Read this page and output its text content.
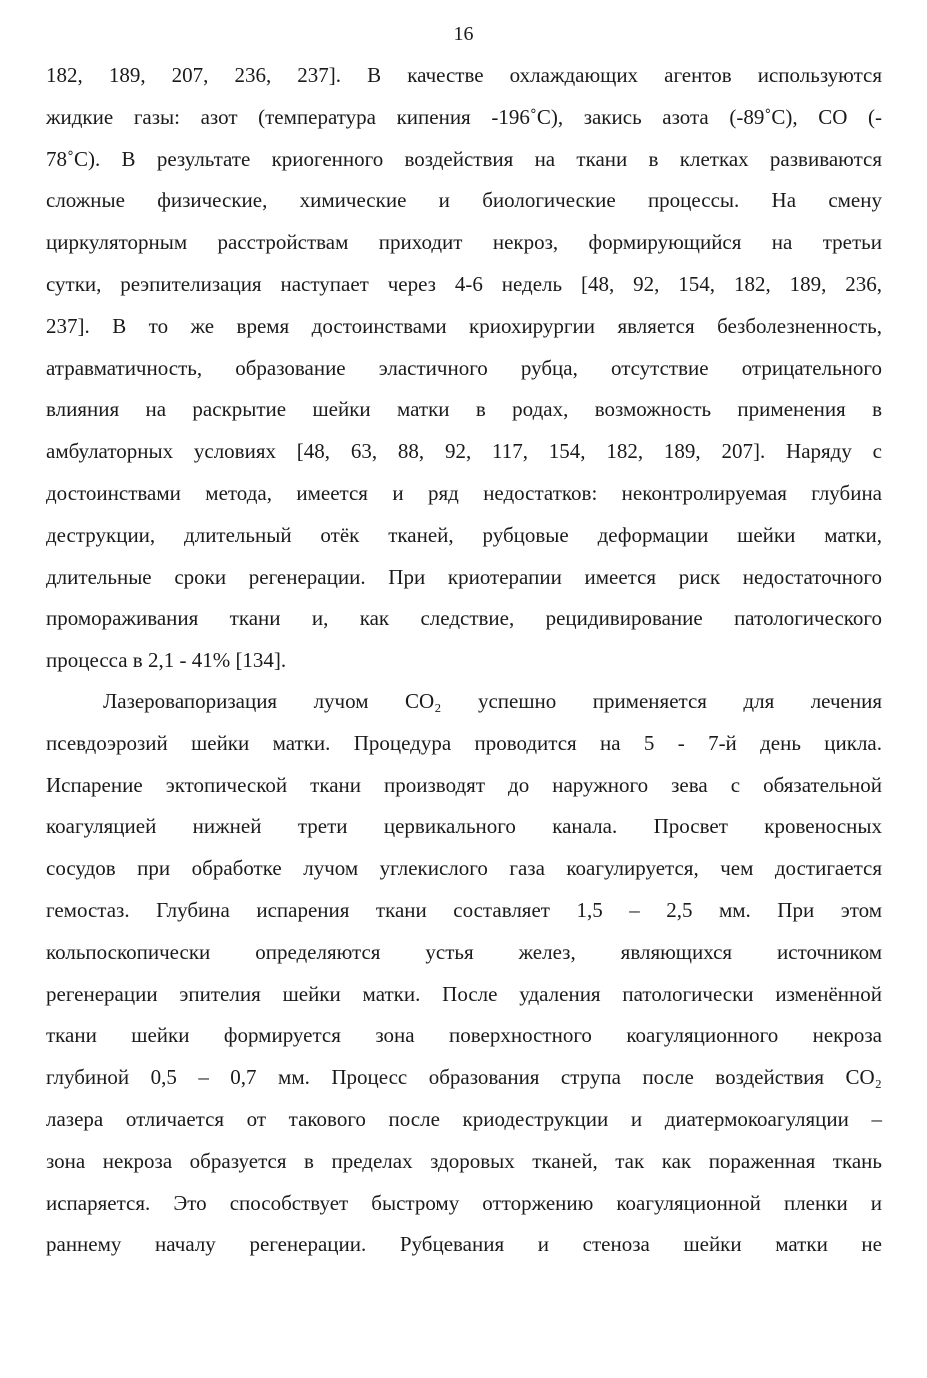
16
182, 189, 207, 236, 237]. В качестве охлаждающих агентов используются
жидкие газы: азот (температура кипения -196˚С), закись азота (-89˚С), СО (-
78˚С). В результате криогенного воздействия на ткани в клетках развиваются
сложные физические, химические и биологические процессы. На смену
циркуляторным расстройствам приходит некроз, формирующийся на третьи
сутки, реэпителизация наступает через 4-6 недель [48, 92, 154, 182, 189, 236,
237]. В то же время достоинствами криохирургии является безболезненность,
атравматичность, образование эластичного рубца, отсутствие отрицательного
влияния на раскрытие шейки матки в родах, возможность применения в
амбулаторных условиях [48, 63, 88, 92, 117, 154, 182, 189, 207]. Наряду с
достоинствами метода, имеется и ряд недостатков: неконтролируемая глубина
деструкции, длительный отёк тканей, рубцовые деформации шейки матки,
длительные сроки регенерации. При криотерапии имеется риск недостаточного
промораживания ткани и, как следствие, рецидивирование патологического
процесса в 2,1 - 41% [134].
Лазеровапоризация лучом CO₂ успешно применяется для лечения
псевдоэрозий шейки матки. Процедура проводится на 5 - 7-й день цикла.
Испарение эктопической ткани производят до наружного зева с обязательной
коагуляцией нижней трети цервикального канала. Просвет кровеносных
сосудов при обработке лучом углекислого газа коагулируется, чем достигается
гемостаз. Глубина испарения ткани составляет 1,5 – 2,5 мм. При этом
кольпоскопически определяются устья желез, являющихся источником
регенерации эпителия шейки матки. После удаления патологически изменённой
ткани шейки формируется зона поверхностного коагуляционного некроза
глубиной 0,5 – 0,7 мм. Процесс образования струпа после воздействия CO₂
лазера отличается от такового после криодеструкции и диатермокоагуляции –
зона некроза образуется в пределах здоровых тканей, так как пораженная ткань
испаряется. Это способствует быстрому отторжению коагуляционной пленки и
раннему началу регенерации. Рубцевания и стеноза шейки матки не
